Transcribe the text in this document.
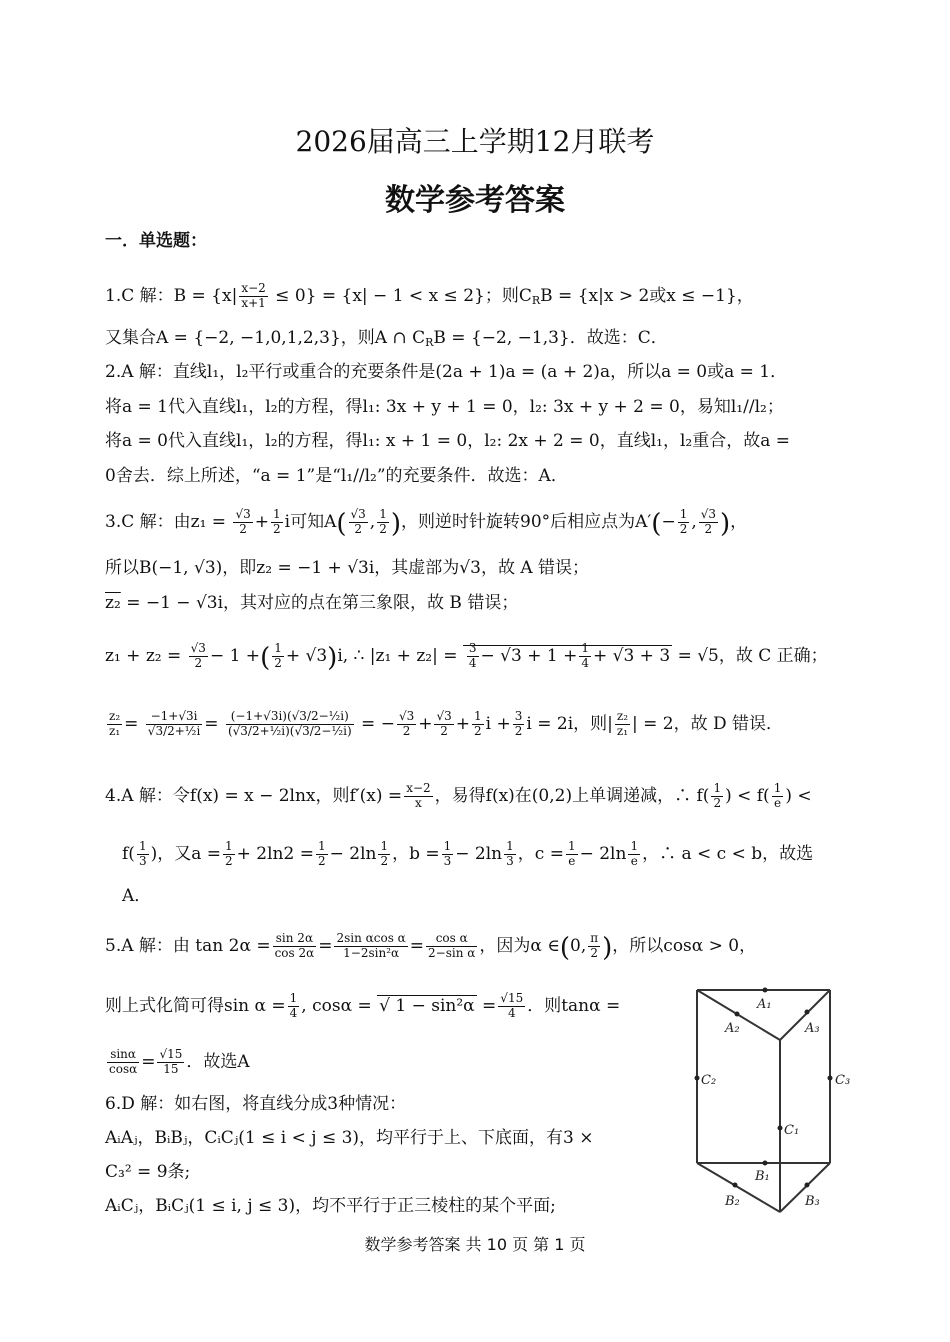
2026届高三上学期12月联考
数学参考答案
一．单选题：
1.C 解：$B = \{x| \frac{x-2}{x+1} \le 0\} = \{x| - 1 < x \le 2\}$；则$C_RB = \{x|x > 2$或x ≤ −1}，
又集合A = {−2, −1,0,1,2,3}，则A ∩ $C_RB = \{-2$, −1,3}．故选：C．
2.A 解：直线l₁，l₂平行或重合的充要条件是(2a + 1)a = (a + 2)a，所以a = 0或a = 1．
将a = 1代入直线l₁，l₂的方程，得l₁: 3x + y + 1 = 0，l₂: 3x + y + 2 = 0，易知l₁//l₂；
将a = 0代入直线l₁，l₂的方程，得l₁: x + 1 = 0，l₂: 2x + 2 = 0，直线l₁，l₂重合，故a =
0舍去．综上所述，“a = 1”是“l₁//l₂”的充要条件．故选：A．
3.C 解：由$z_1 = \frac{√3}{2} + \frac{1}{2}$ i可知$A( \frac{√3}{2}$ , $\frac{1}{2}$ )，则逆时针旋转90°后相应点为$A'(- \frac{1}{2}$ , $\frac{√3}{2}$ )，
所以B(−1, √3)，即z₂ = −1 + √3i，其虚部为√3，故 A 错误；
z₂ = −1 − √3i，其对应的点在第三象限，故 B 错误；
$z_1 + z_2 = \frac{√3}{2} - 1$ +( $\frac{1}{2} + √3)i$, ∴ $|z_1 + z_2| = \frac{3}{4} - √3 + 1 + \frac{1}{4} + √3 + 3 = √5$，故 C 正确；
$\frac{\text{z₂}}{\text{z₁}} = \frac{-1+√3i}{\text{√3/2+½i}} = \frac{\text{(−1+√3i)(√3/2−½i)}}{\text{(√3/2+½i)(√3/2−½i)}}$ = − $\frac{√3}{2} + \frac{√3}{2} + \frac{1}{2}$ $i + \frac{3}{2}$ i = 2i，则| $\frac{\text{z₂}}{\text{z₁}}$ | = 2，故 D 错误．
4.A 解：令f(x) = x − 2lnx，则$f'(x) = \frac{x-2}{x}$ ，易得f(x)在(0,2)上单调递减，∴ $f( \frac{1}{2}$ ) < $f( \frac{1}{e}$ ) <
$f( \frac{1}{3}$ )，又$a = \frac{1}{2} + 2\ln 2 = \frac{1}{2} - 2\ln \frac{1}{2}$ ，$b = \frac{1}{3} - 2\ln \frac{1}{3}$ ，$c = \frac{1}{e} - 2\ln \frac{1}{e}$ ，∴ a < c < b，故选
A．
5.A 解：由 $\tan 2\alpha = \frac{\sin 2\alpha}{\cos 2\alpha} = \frac{\text{2sin αcos α}}{\text{1−2sin²α}} = \frac{\text{cos α}}{\text{2−sin α}}$ ，因为α ∈(0, $\frac{\pi}{2}$ )，所以cosα > 0，
则上式化简可得$\sin \alpha = \frac{1}{4}$ , cosα = √ $1 - \sin^2\alpha = \frac{√15}{4}$ ．则tanα =
$\frac{\sin\alpha}{\cos\alpha} = \frac{√15}{15}$ ．故选A
6.D 解：如右图，将直线分成3种情况：
AᵢAⱼ，BᵢBⱼ，CᵢCⱼ(1 ≤ i < j ≤ 3)，均平行于上、下底面，有3 ×
C₃² = 9条;
AᵢCⱼ，BᵢCⱼ(1 ≤ i, j ≤ 3)，均不平行于正三棱柱的某个平面;
A₁
A₂	A₃
C₂	C₃
C₁
B₁
B₂	B₃
数学参考答案 共 10 页 第 1 页
